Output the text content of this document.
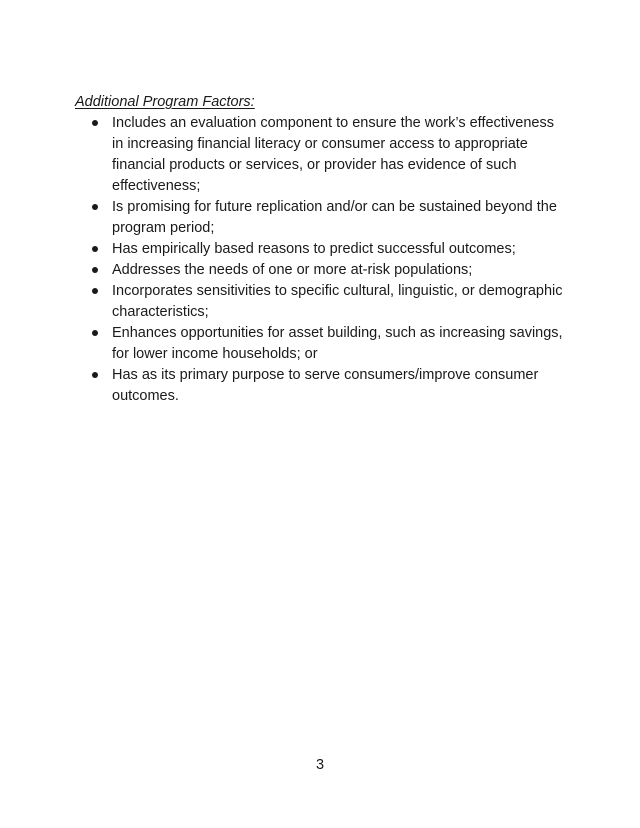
Additional Program Factors:

Includes an evaluation component to ensure the work’s effectiveness in increasing financial literacy or consumer access to appropriate financial products or services, or provider has evidence of such effectiveness;
Is promising for future replication and/or can be sustained beyond the program period;
Has empirically based reasons to predict successful outcomes;
Addresses the needs of one or more at-risk populations;
Incorporates sensitivities to specific cultural, linguistic, or demographic characteristics;
Enhances opportunities for asset building, such as increasing savings, for lower income households; or
Has as its primary purpose to serve consumers/improve consumer outcomes.
3
